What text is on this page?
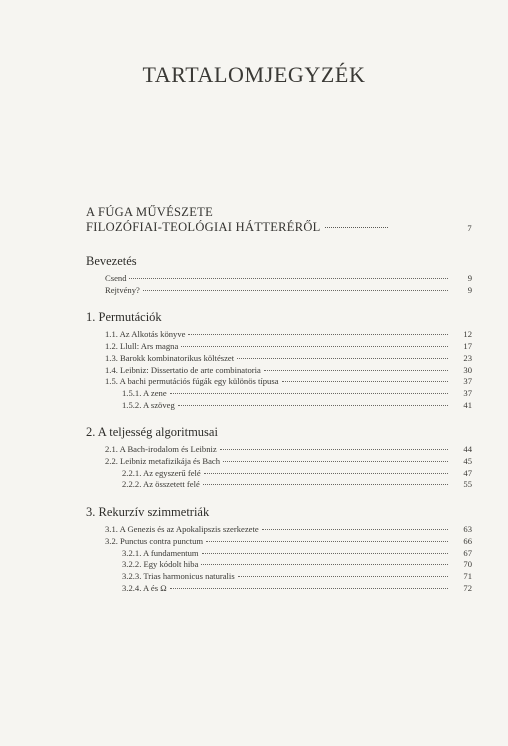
TARTALOMJEGYZÉK
A FÚGA MŰVÉSZETE
FILOZÓFIAI-TEOLÓGIAI HÁTTERÉRŐL	7
Bevezetés
Csend	9
Rejtvény?	9
1. Permutációk
1.1. Az Alkotás könyve	12
1.2. Llull: Ars magna	17
1.3. Barokk kombinatorikus költészet	23
1.4. Leibniz: Dissertatio de arte combinatoria	30
1.5. A bachi permutációs fúgák egy különös típusa	37
1.5.1. A zene	37
1.5.2. A szöveg	41
2. A teljesség algoritmusai
2.1. A Bach-irodalom és Leibniz	44
2.2. Leibniz metafizikája és Bach	45
2.2.1. Az egyszerű felé	47
2.2.2. Az összetett felé	55
3. Rekurzív szimmetriák
3.1. A Genezis és az Apokalipszis szerkezete	63
3.2. Punctus contra punctum	66
3.2.1. A fundamentum	67
3.2.2. Egy kódolt hiba	70
3.2.3. Trias harmonicus naturalis	71
3.2.4. A és Ω	72
